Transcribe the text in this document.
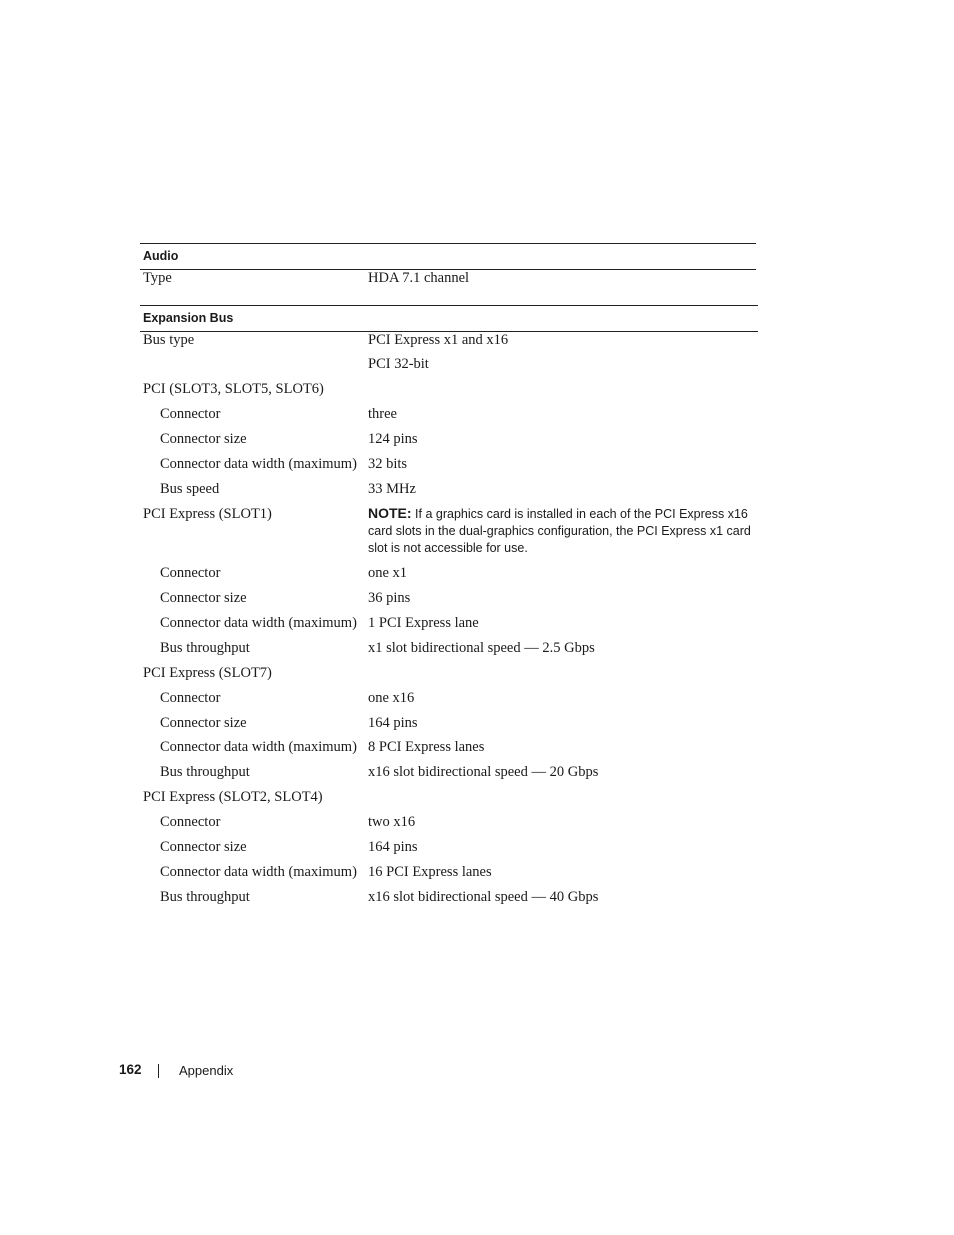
Audio
Type	HDA 7.1 channel
Expansion Bus
Bus type	PCI Express x1 and x16
PCI 32-bit
PCI (SLOT3, SLOT5, SLOT6)
Connector	three
Connector size	124 pins
Connector data width (maximum) 32 bits
Bus speed	33 MHz
PCI Express (SLOT1)	NOTE: If a graphics card is installed in each of the PCI Express x16 card slots in the dual-graphics configuration, the PCI Express x1 card slot is not accessible for use.
Connector	one x1
Connector size	36 pins
Connector data width (maximum) 1 PCI Express lane
Bus throughput	x1 slot bidirectional speed — 2.5 Gbps
PCI Express (SLOT7)
Connector	one x16
Connector size	164 pins
Connector data width (maximum) 8 PCI Express lanes
Bus throughput	x16 slot bidirectional speed — 20 Gbps
PCI Express (SLOT2, SLOT4)
Connector	two x16
Connector size	164 pins
Connector data width (maximum) 16 PCI Express lanes
Bus throughput	x16 slot bidirectional speed — 40 Gbps
162	Appendix
